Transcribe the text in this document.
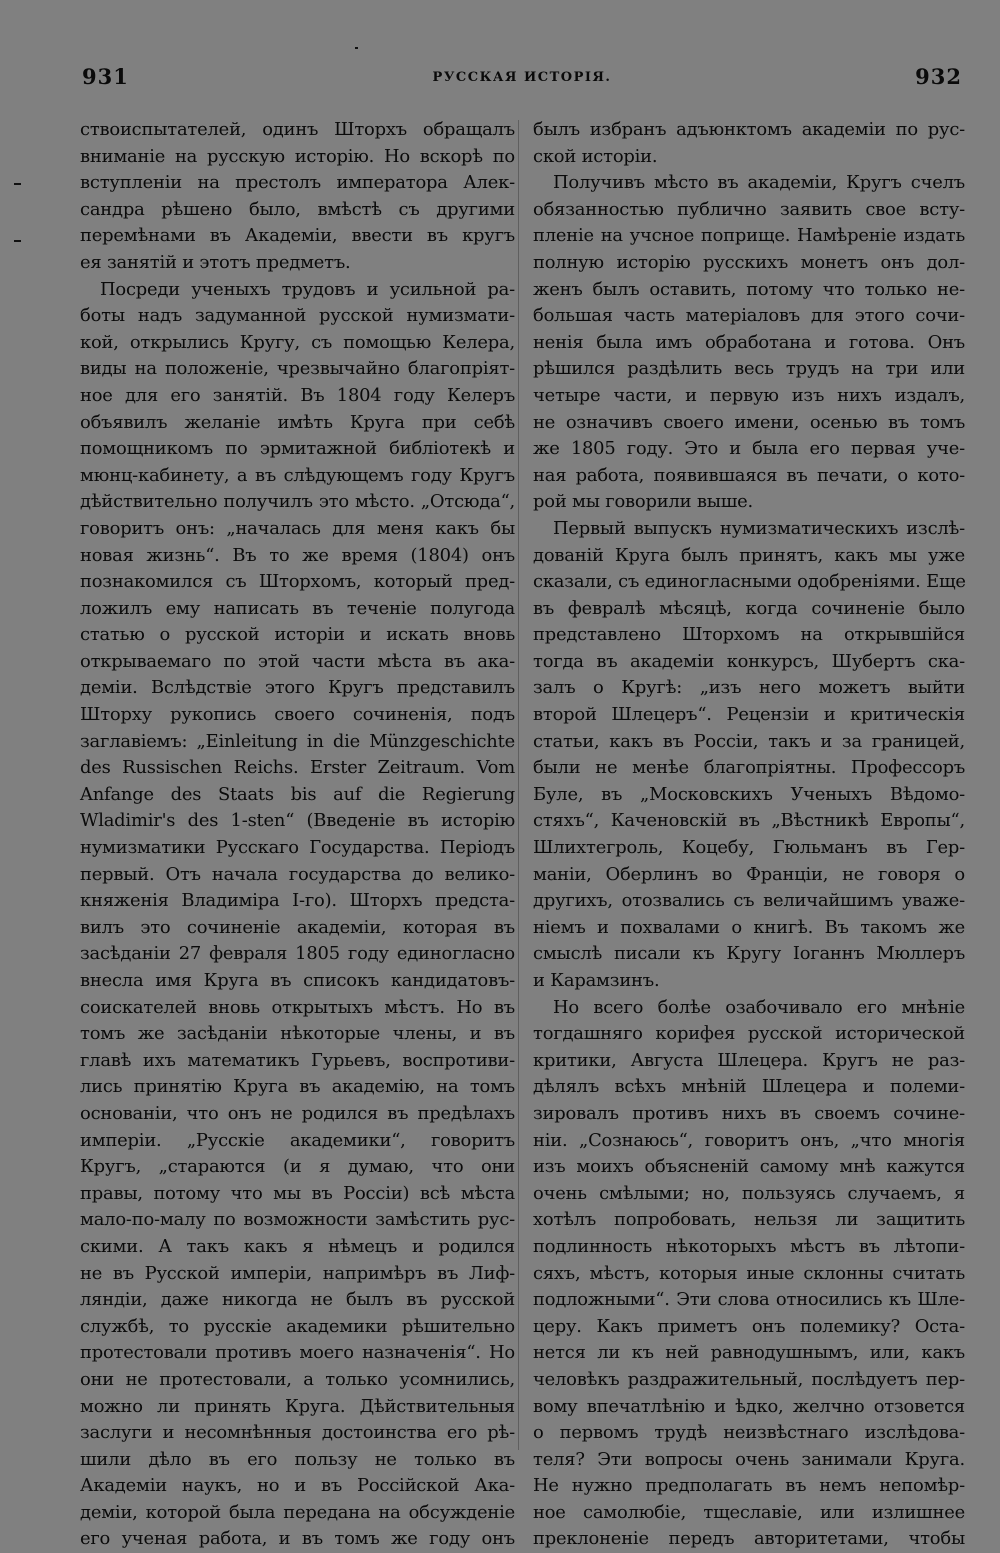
931	РУССКАЯ ИСТОРІЯ.	932
ствоиспытателей, одинъ Шторхъ обращалъ
вниманіе на русскую исторію. Но вскорѣ по
вступленіи на престолъ императора Алек-
сандра рѣшено было, вмѣстѣ съ другими
перемѣнами въ Академіи, ввести въ кругъ
ея занятій и этотъ предметъ.
Посреди ученыхъ трудовъ и усильной ра-
боты надъ задуманной русской нумизмати-
кой, открылись Кругу, съ помощью Келера,
виды на положеніе, чрезвычайно благопріят-
ное для его занятій. Въ 1804 году Келеръ
объявилъ желаніе имѣть Круга при себѣ
помощникомъ по эрмитажной библіотекѣ и
мюнц-кабинету, а въ слѣдующемъ году Кругъ
дѣйствительно получилъ это мѣсто. „Отсюда“,
говоритъ онъ: „началась для меня какъ бы
новая жизнь“. Въ то же время (1804) онъ
познакомился съ Шторхомъ, который пред-
ложилъ ему написать въ теченіе полугода
статью о русской исторіи и искать вновь
открываемаго по этой части мѣста въ ака-
деміи. Вслѣдствіе этого Кругъ представилъ
Шторху рукопись своего сочиненія, подъ
заглавіемъ: „Einleitung in die Münzgeschichte
des Russischen Reichs. Erster Zeitraum. Vom
Anfange des Staats bis auf die Regierung
Wladimir's des 1-sten“ (Введеніе въ исторію
нумизматики Русскаго Государства. Періодъ
первый. Отъ начала государства до велико-
княженія Владиміра I-го). Шторхъ предста-
вилъ это сочиненіе академіи, которая въ
засѣданіи 27 февраля 1805 году единогласно
внесла имя Круга въ списокъ кандидатовъ-
соискателей вновь открытыхъ мѣстъ. Но въ
томъ же засѣданіи нѣкоторые члены, и въ
главѣ ихъ математикъ Гурьевъ, воспротиви-
лись принятію Круга въ академію, на томъ
основаніи, что онъ не родился въ предѣлахъ
имперіи. „Русскіе академики“, говоритъ
Кругъ, „стараются (и я думаю, что они
правы, потому что мы въ Россіи) всѣ мѣста
мало-по-малу по возможности замѣстить рус-
скими. А такъ какъ я нѣмецъ и родился
не въ Русской имперіи, напримѣръ въ Лиф-
ляндіи, даже никогда не былъ въ русской
службѣ, то русскіе академики рѣшительно
протестовали противъ моего назначенія“. Но
они не протестовали, а только усомнились,
можно ли принять Круга. Дѣйствительныя
заслуги и несомнѣнныя достоинства его рѣ-
шили дѣло въ его пользу не только въ
Академіи наукъ, но и въ Россійской Ака-
деміи, которой была передана на обсужденіе
его ученая работа, и въ томъ же году онъ
былъ избранъ адъюнктомъ академіи по рус-
ской исторіи.
Получивъ мѣсто въ академіи, Кругъ счелъ
обязанностью публично заявить свое всту-
пленіе на учсное поприще. Намѣреніе издать
полную исторію русскихъ монетъ онъ дол-
женъ былъ оставить, потому что только не-
большая часть матеріаловъ для этого сочи-
ненія была имъ обработана и готова. Онъ
рѣшился раздѣлить весь трудъ на три или
четыре части, и первую изъ нихъ издалъ,
не означивъ своего имени, осенью въ томъ
же 1805 году. Это и была его первая уче-
ная работа, появившаяся въ печати, о кото-
рой мы говорили выше.
Первый выпускъ нумизматическихъ изслѣ-
дованій Круга былъ принятъ, какъ мы уже
сказали, съ единогласными одобреніями. Еще
въ февралѣ мѣсяцѣ, когда сочиненіе было
представлено Шторхомъ на открывшійся
тогда въ академіи конкурсъ, Шубертъ ска-
залъ о Кругѣ: „изъ него можетъ выйти
второй Шлецеръ“. Рецензіи и критическія
статьи, какъ въ Россіи, такъ и за границей,
были не менѣе благопріятны. Профессоръ
Буле, въ „Московскихъ Ученыхъ Вѣдомо-
стяхъ“, Каченовскій въ „Вѣстникѣ Европы“,
Шлихтегроль, Коцебу, Гюльманъ въ Гер-
маніи, Оберлинъ во Франціи, не говоря о
другихъ, отозвались съ величайшимъ уваже-
ніемъ и похвалами о книгѣ. Въ такомъ же
смыслѣ писали къ Кругу Іоганнъ Мюллеръ
и Карамзинъ.
Но всего болѣе озабочивало его мнѣніе
тогдашняго корифея русской исторической
критики, Августа Шлецера. Кругъ не раз-
дѣлялъ всѣхъ мнѣній Шлецера и полеми-
зировалъ противъ нихъ въ своемъ сочине-
ніи. „Сознаюсь“, говоритъ онъ, „что многія
изъ моихъ объясненій самому мнѣ кажутся
очень смѣлыми; но, пользуясь случаемъ, я
хотѣлъ попробовать, нельзя ли защитить
подлинность нѣкоторыхъ мѣстъ въ лѣтопи-
сяхъ, мѣстъ, которыя иные склонны считать
подложными“. Эти слова относились къ Шле-
церу. Какъ приметъ онъ полемику? Оста-
нется ли къ ней равнодушнымъ, или, какъ
человѣкъ раздражительный, послѣдуетъ пер-
вому впечатлѣнію и ѣдко, желчно отзовется
о первомъ трудѣ неизвѣстнаго изслѣдова-
теля? Эти вопросы очень занимали Круга.
Не нужно предполагать въ немъ непомѣр-
ное самолюбіе, тщеславіе, или излишнее
преклоненіе передъ авторитетами, чтобы
